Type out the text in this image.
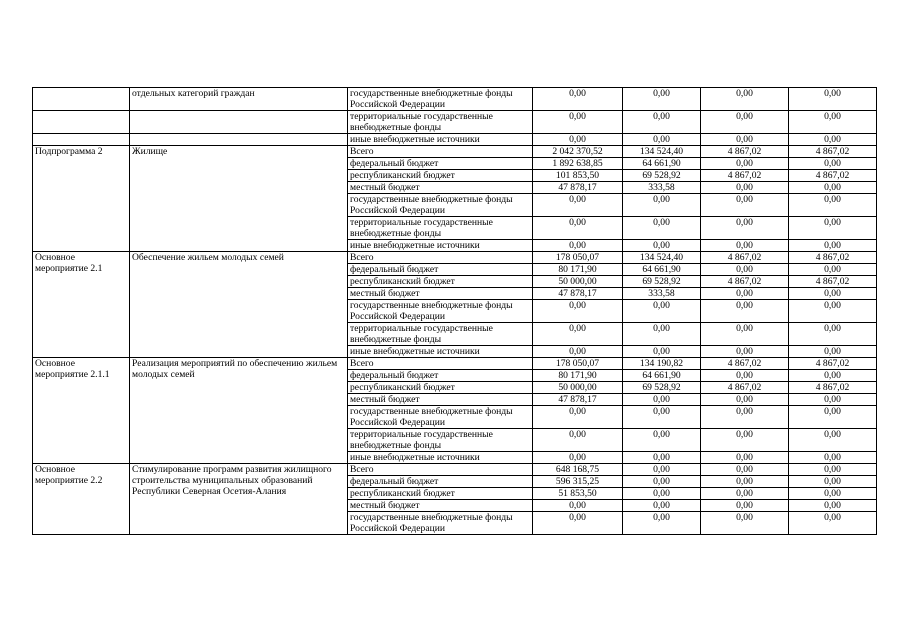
	отдельных категорий граждан	государственные внебюджетные фонды Российской Федерации	0,00	0,00	0,00	0,00
		территориальные государственные внебюджетные фонды	0,00	0,00	0,00	0,00
		иные внебюджетные источники	0,00	0,00	0,00	0,00
Подпрограмма 2	Жилище	Всего	2 042 370,52	134 524,40	4 867,02	4 867,02
		федеральный бюджет	1 892 638,85	64 661,90	0,00	0,00
		республиканский бюджет	101 853,50	69 528,92	4 867,02	4 867,02
		местный бюджет	47 878,17	333,58	0,00	0,00
		государственные внебюджетные фонды Российской Федерации	0,00	0,00	0,00	0,00
		территориальные государственные внебюджетные фонды	0,00	0,00	0,00	0,00
		иные внебюджетные источники	0,00	0,00	0,00	0,00
Основное мероприятие 2.1	Обеспечение жильем молодых семей	Всего	178 050,07	134 524,40	4 867,02	4 867,02
		федеральный бюджет	80 171,90	64 661,90	0,00	0,00
		республиканский бюджет	50 000,00	69 528,92	4 867,02	4 867,02
		местный бюджет	47 878,17	333,58	0,00	0,00
		государственные внебюджетные фонды Российской Федерации	0,00	0,00	0,00	0,00
		территориальные государственные внебюджетные фонды	0,00	0,00	0,00	0,00
		иные внебюджетные источники	0,00	0,00	0,00	0,00
Основное мероприятие 2.1.1	Реализация мероприятий по обеспечению жильем молодых семей	Всего	178 050,07	134 190,82	4 867,02	4 867,02
		федеральный бюджет	80 171,90	64 661,90	0,00	0,00
		республиканский бюджет	50 000,00	69 528,92	4 867,02	4 867,02
		местный бюджет	47 878,17	0,00	0,00	0,00
		государственные внебюджетные фонды Российской Федерации	0,00	0,00	0,00	0,00
		территориальные государственные внебюджетные фонды	0,00	0,00	0,00	0,00
		иные внебюджетные источники	0,00	0,00	0,00	0,00
Основное мероприятие 2.2	Стимулирование программ развития жилищного строительства муниципальных образований Республики Северная Осетия-Алания	Всего	648 168,75	0,00	0,00	0,00
		федеральный бюджет	596 315,25	0,00	0,00	0,00
		республиканский бюджет	51 853,50	0,00	0,00	0,00
		местный бюджет	0,00	0,00	0,00	0,00
		государственные внебюджетные фонды Российской Федерации	0,00	0,00	0,00	0,00
